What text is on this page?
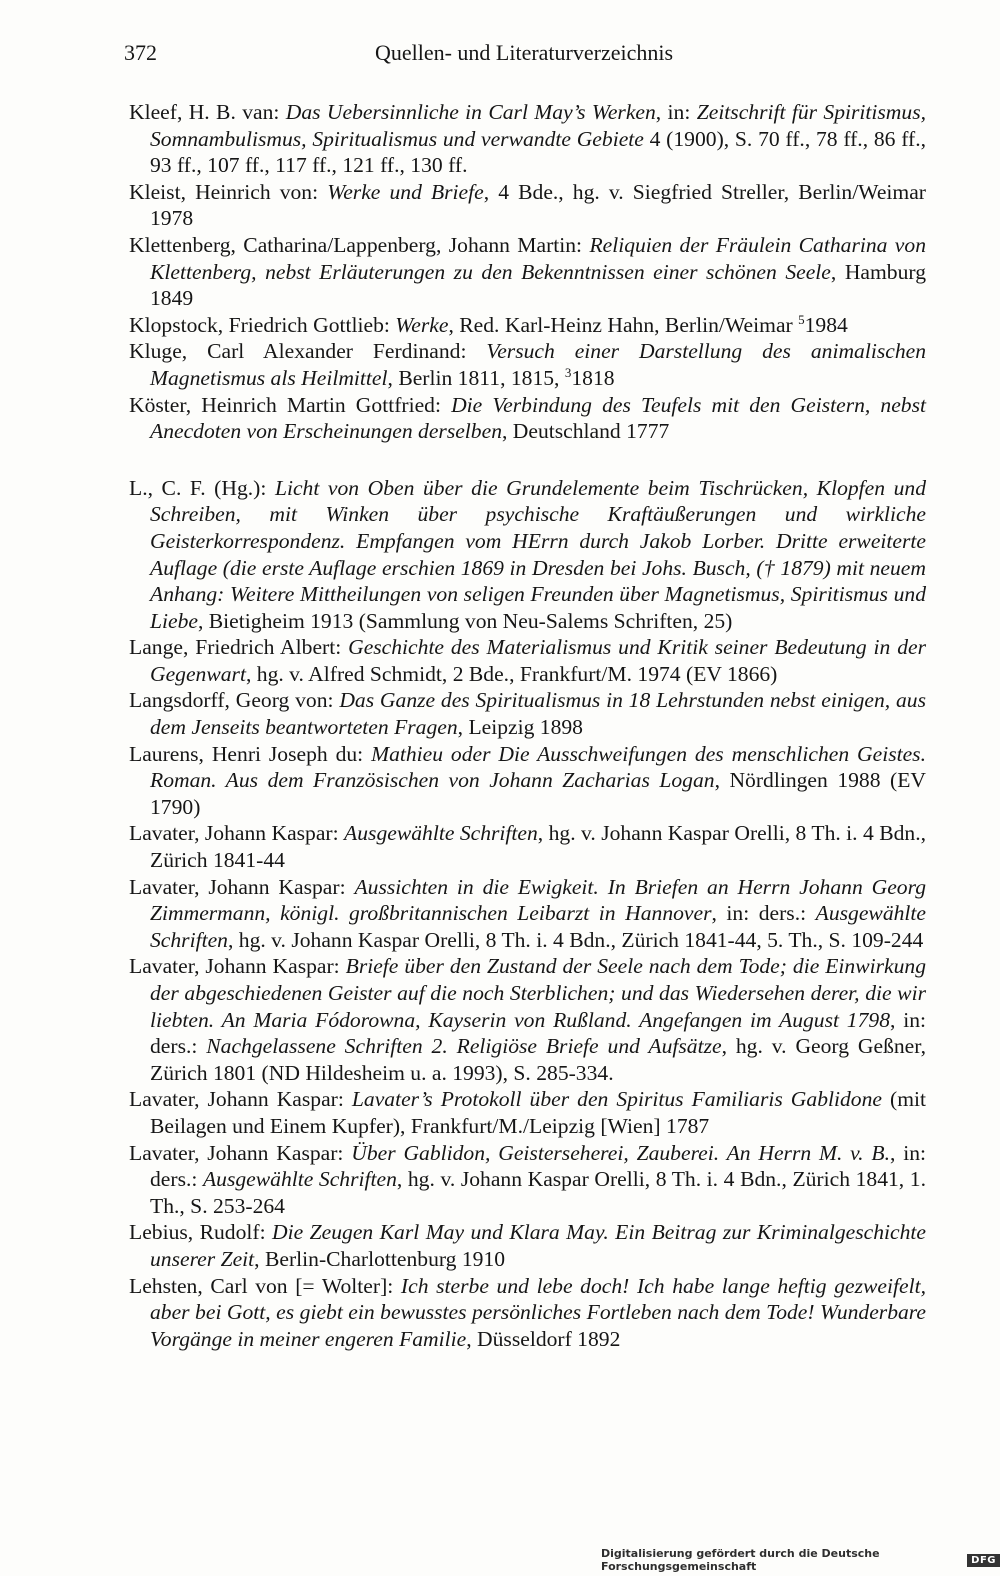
372	Quellen- und Literaturverzeichnis
Kleef, H. B. van: Das Uebersinnliche in Carl May’s Werken, in: Zeitschrift für Spiritismus, Somnambulismus, Spiritualismus und verwandte Gebiete 4 (1900), S. 70 ff., 78 ff., 86 ff., 93 ff., 107 ff., 117 ff., 121 ff., 130 ff.
Kleist, Heinrich von: Werke und Briefe, 4 Bde., hg. v. Siegfried Streller, Berlin/Weimar 1978
Klettenberg, Catharina/Lappenberg, Johann Martin: Reliquien der Fräulein Catharina von Klettenberg, nebst Erläuterungen zu den Bekenntnissen einer schönen Seele, Hamburg 1849
Klopstock, Friedrich Gottlieb: Werke, Red. Karl-Heinz Hahn, Berlin/Weimar $^5$1984
Kluge, Carl Alexander Ferdinand: Versuch einer Darstellung des animalischen Magnetismus als Heilmittel, Berlin 1811, 1815, $^3$1818
Köster, Heinrich Martin Gottfried: Die Verbindung des Teufels mit den Geistern, nebst Anecdoten von Erscheinungen derselben, Deutschland 1777
L., C. F. (Hg.): Licht von Oben über die Grundelemente beim Tischrücken, Klopfen und Schreiben, mit Winken über psychische Kraftäußerungen und wirkliche Geisterkorrespondenz. Empfangen vom HErrn durch Jakob Lorber. Dritte erweiterte Auflage (die erste Auflage erschien 1869 in Dresden bei Johs. Busch, († 1879) mit neuem Anhang: Weitere Mittheilungen von seligen Freunden über Magnetismus, Spiritismus und Liebe, Bietigheim 1913 (Sammlung von Neu-Salems Schriften, 25)
Lange, Friedrich Albert: Geschichte des Materialismus und Kritik seiner Bedeutung in der Gegenwart, hg. v. Alfred Schmidt, 2 Bde., Frankfurt/M. 1974 (EV 1866)
Langsdorff, Georg von: Das Ganze des Spiritualismus in 18 Lehrstunden nebst einigen, aus dem Jenseits beantworteten Fragen, Leipzig 1898
Laurens, Henri Joseph du: Mathieu oder Die Ausschweifungen des menschlichen Geistes. Roman. Aus dem Französischen von Johann Zacharias Logan, Nördlingen 1988 (EV 1790)
Lavater, Johann Kaspar: Ausgewählte Schriften, hg. v. Johann Kaspar Orelli, 8 Th. i. 4 Bdn., Zürich 1841-44
Lavater, Johann Kaspar: Aussichten in die Ewigkeit. In Briefen an Herrn Johann Georg Zimmermann, königl. großbritannischen Leibarzt in Hannover, in: ders.: Ausgewählte Schriften, hg. v. Johann Kaspar Orelli, 8 Th. i. 4 Bdn., Zürich 1841-44, 5. Th., S. 109-244
Lavater, Johann Kaspar: Briefe über den Zustand der Seele nach dem Tode; die Einwirkung der abgeschiedenen Geister auf die noch Sterblichen; und das Wiedersehen derer, die wir liebten. An Maria Fódorowna, Kayserin von Rußland. Angefangen im August 1798, in: ders.: Nachgelassene Schriften 2. Religiöse Briefe und Aufsätze, hg. v. Georg Geßner, Zürich 1801 (ND Hildesheim u. a. 1993), S. 285-334.
Lavater, Johann Kaspar: Lavater’s Protokoll über den Spiritus Familiaris Gablidone (mit Beilagen und Einem Kupfer), Frankfurt/M./Leipzig [Wien] 1787
Lavater, Johann Kaspar: Über Gablidon, Geisterseherei, Zauberei. An Herrn M. v. B., in: ders.: Ausgewählte Schriften, hg. v. Johann Kaspar Orelli, 8 Th. i. 4 Bdn., Zürich 1841, 1. Th., S. 253-264
Lebius, Rudolf: Die Zeugen Karl May und Klara May. Ein Beitrag zur Kriminalgeschichte unserer Zeit, Berlin-Charlottenburg 1910
Lehsten, Carl von [= Wolter]: Ich sterbe und lebe doch! Ich habe lange heftig gezweifelt, aber bei Gott, es giebt ein bewusstes persönliches Fortleben nach dem Tode! Wunderbare Vorgänge in meiner engeren Familie, Düsseldorf 1892
Digitalisierung gefördert durch die Deutsche Forschungsgemeinschaft	DFG
